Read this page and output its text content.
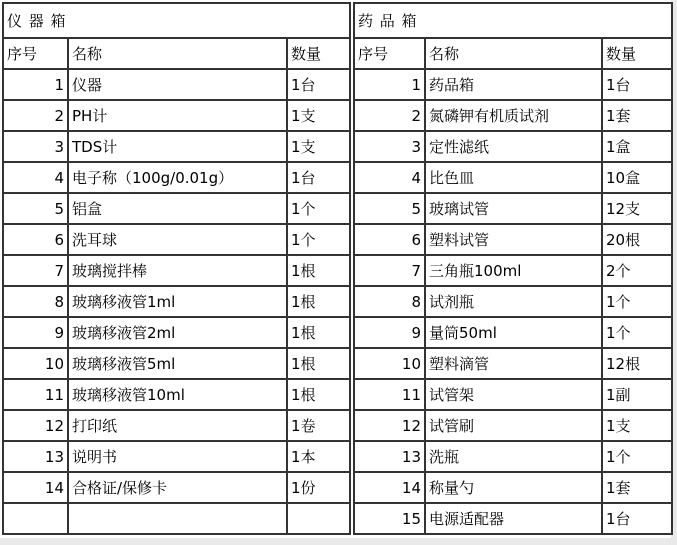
仪 器 箱		
序号	名称	数量
1	仪器	1台
2	PH计	1支
3	TDS计	1支
4	电子称（100g/0.01g）	1台
5	铝盒	1个
6	洗耳球	1个
7	玻璃搅拌棒	1根
8	玻璃移液管1ml	1根
9	玻璃移液管2ml	1根
10	玻璃移液管5ml	1根
11	玻璃移液管10ml	1根
12	打印纸	1卷
13	说明书	1本
14	合格证/保修卡	1份

药 品 箱		
序号	名称	数量
1	药品箱	1台
2	氮磷钾有机质试剂	1套
3	定性滤纸	1盒
4	比色皿	10盒
5	玻璃试管	12支
6	塑料试管	20根
7	三角瓶100ml	2个
8	试剂瓶	1个
9	量筒50ml	1个
10	塑料滴管	12根
11	试管架	1副
12	试管刷	1支
13	洗瓶	1个
14	称量勺	1套
15	电源适配器	1台
